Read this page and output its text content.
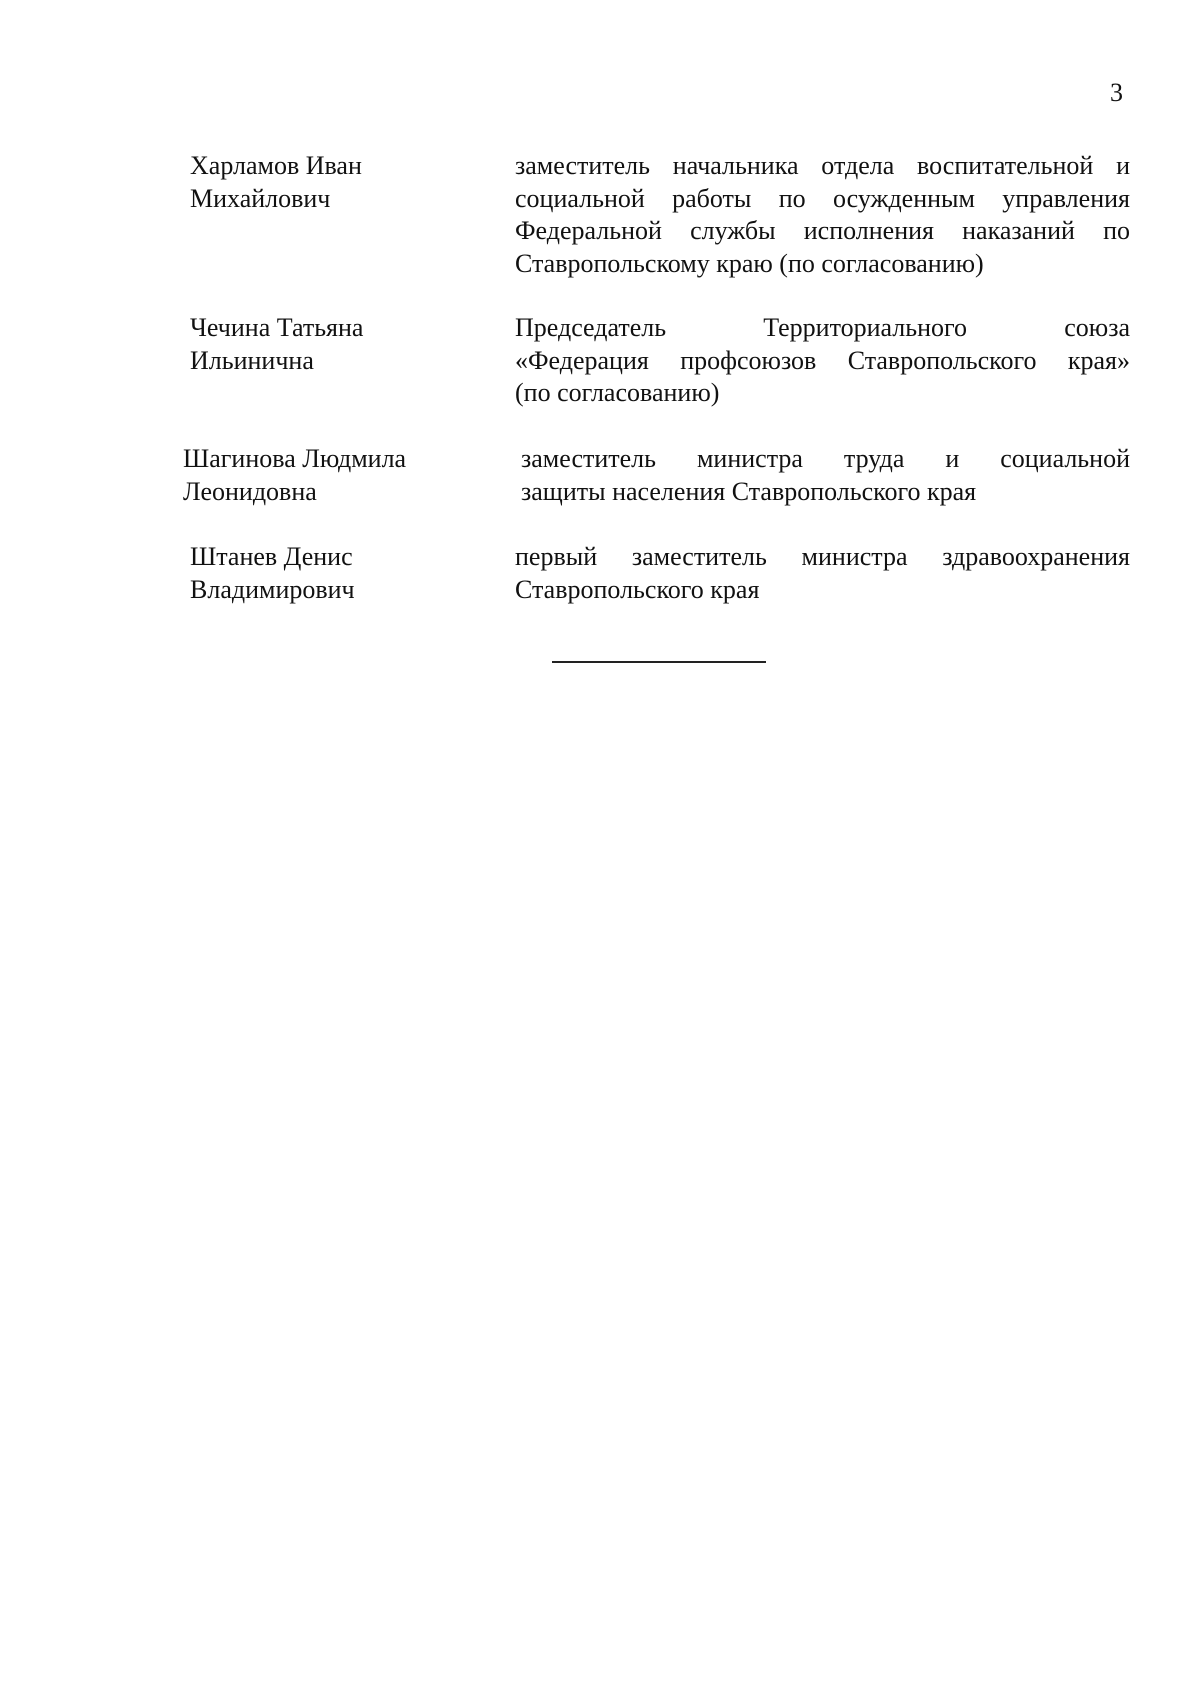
3
Харламов Иван
Михайлович
заместитель начальника отдела воспитательной и
социальной работы по осужденным управления
Федеральной службы исполнения наказаний по
Ставропольскому краю (по согласованию)
Чечина Татьяна
Ильинична
Председатель Территориального союза
«Федерация профсоюзов Ставропольского края»
(по согласованию)
Шагинова Людмила
Леонидовна
заместитель министра труда и социальной
защиты населения Ставропольского края
Штанев Денис
Владимирович
первый заместитель министра здравоохранения
Ставропольского края
